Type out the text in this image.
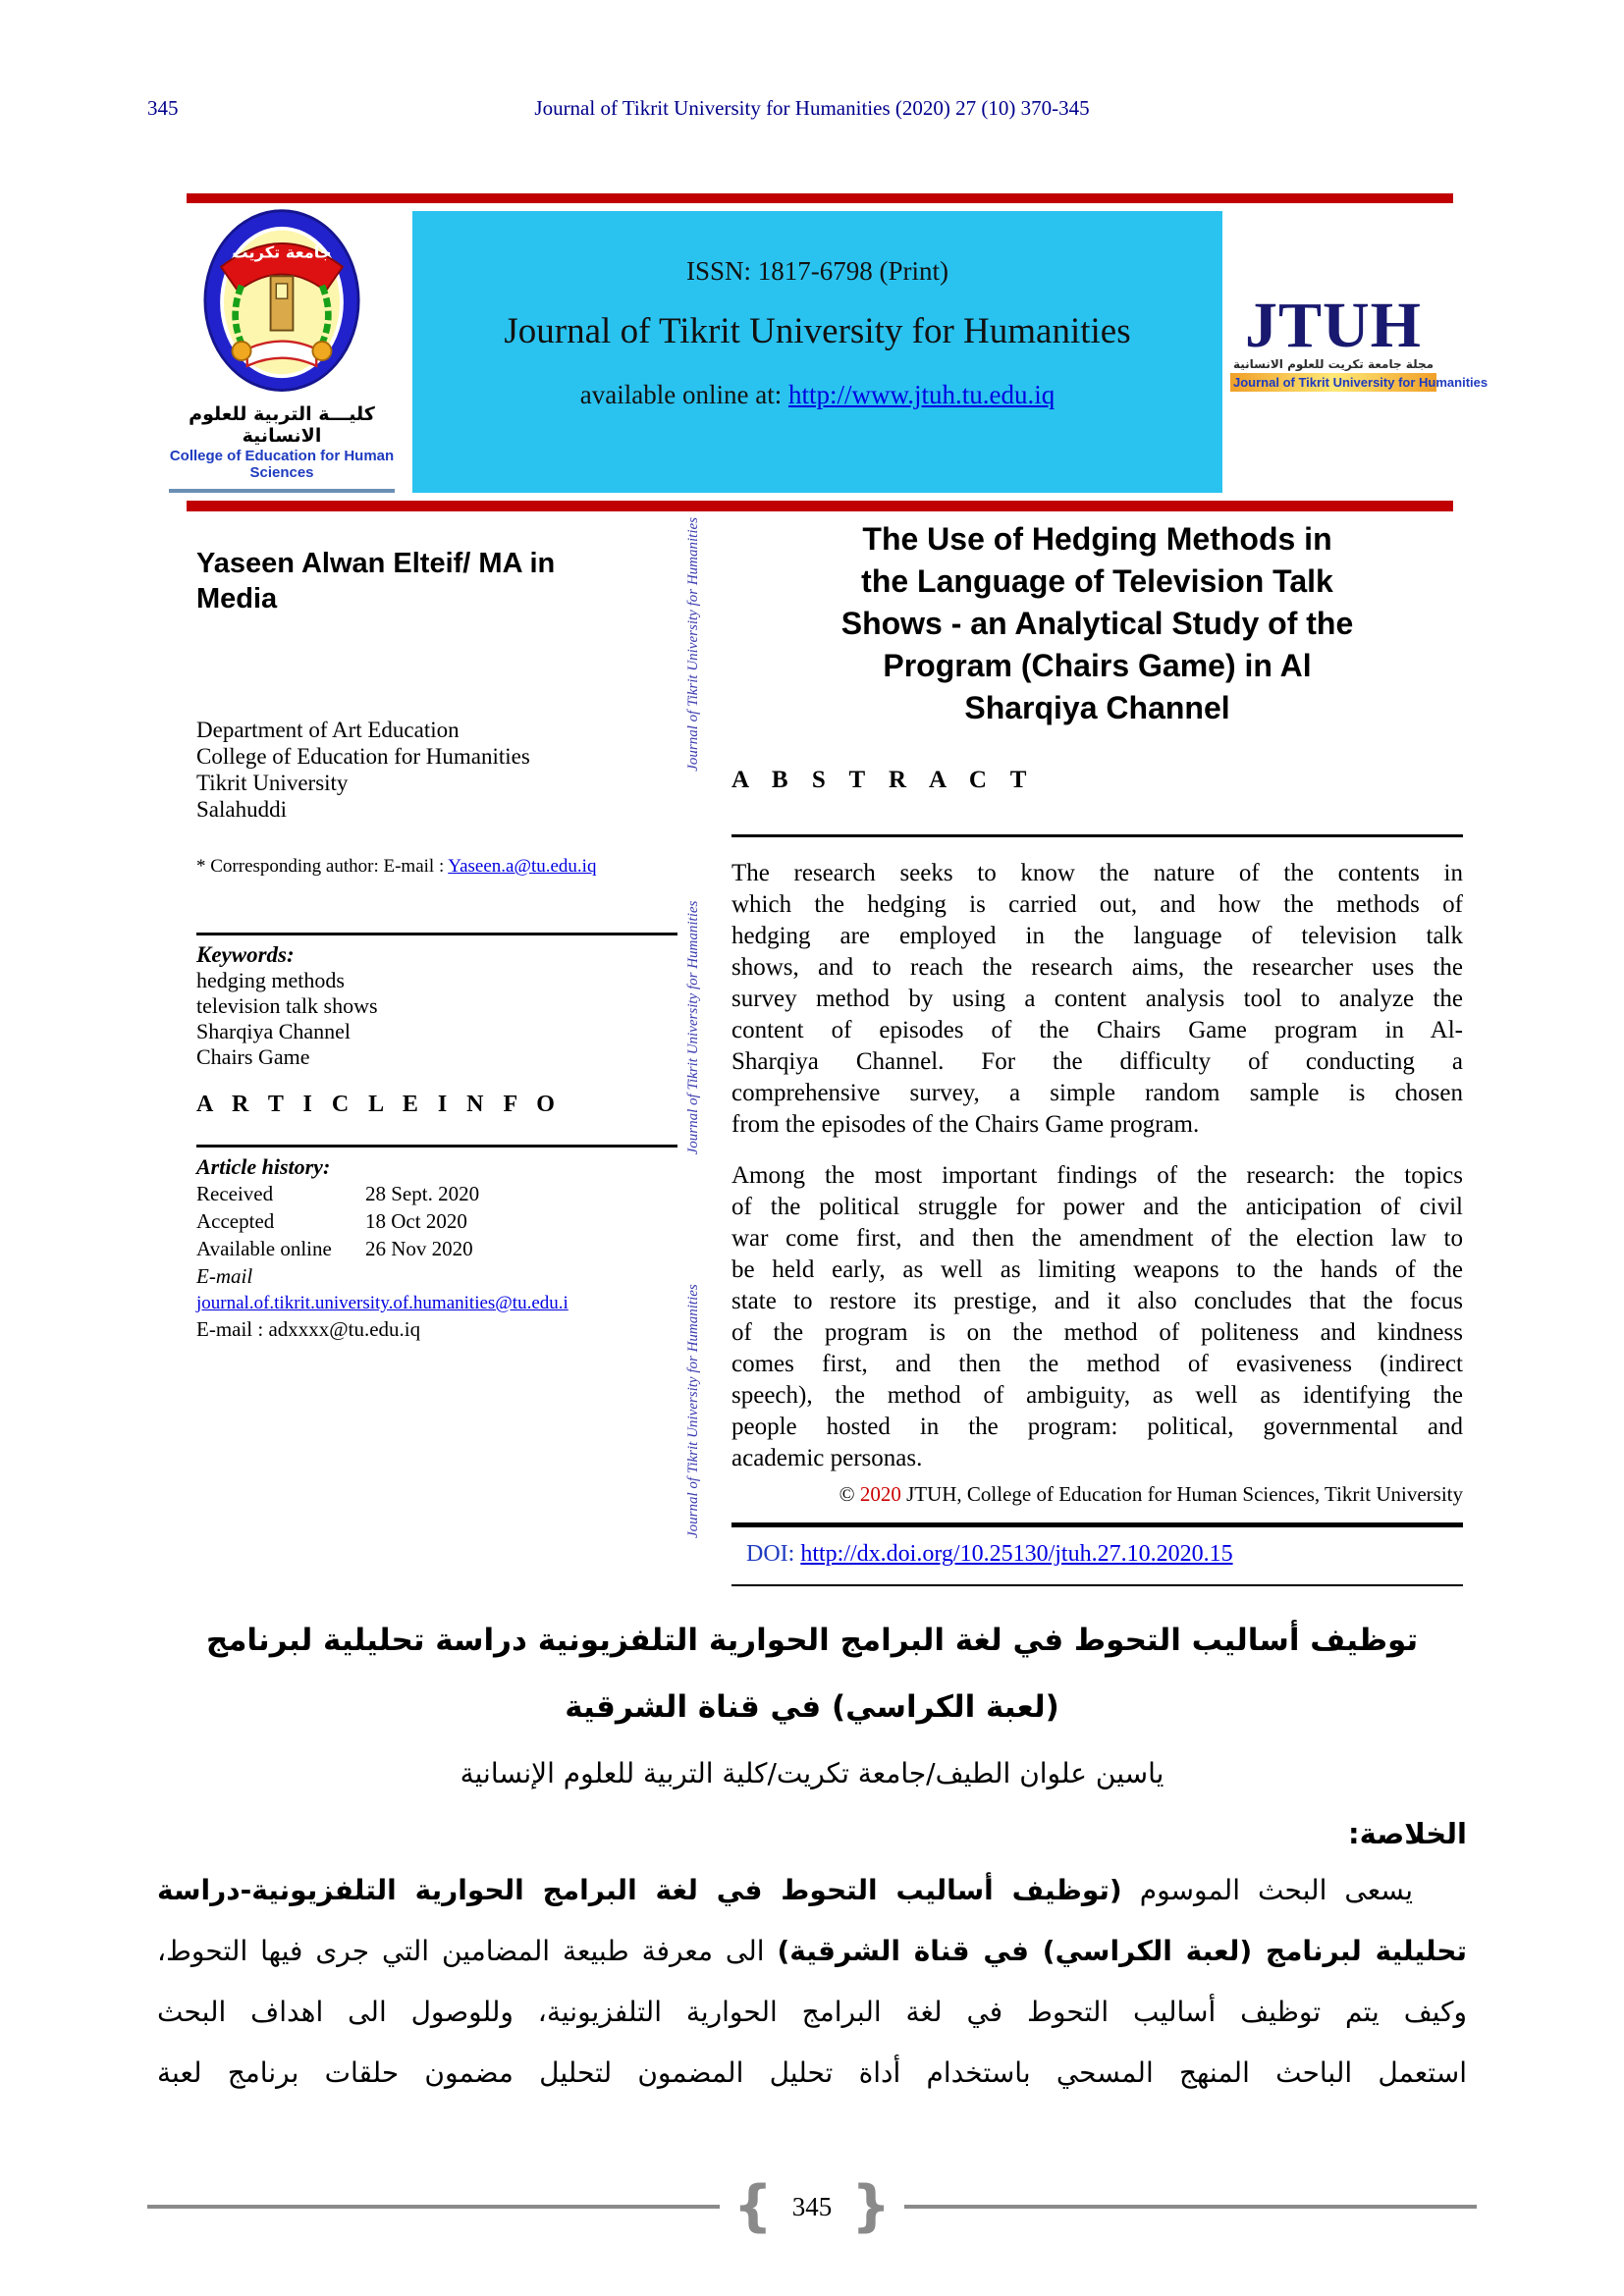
345	Journal of Tikrit University for Humanities (2020) 27 (10) 370-345
جامعة تكريت
كليـــة التربية للعلوم الانسانية
College of Education for Human Sciences
ISSN: 1817-6798 (Print)
Journal of Tikrit University for Humanities
available online at: http://www.jtuh.tu.edu.iq
JTUH
مجلة جامعة تكريت للعلوم الانسانية
Journal of Tikrit University for Humanities
Yaseen Alwan Elteif/ MA in
Media
Department of Art Education
College of Education for Humanities
Tikrit University
Salahuddi
* Corresponding author: E-mail : Yaseen.a@tu.edu.iq
Keywords:
hedging methods
television talk shows
Sharqiya Channel
Chairs Game
A R T I C L E I N F O
Article history:
Received	28 Sept. 2020
Accepted	18 Oct 2020
Available online	26 Nov 2020
E-mail
journal.of.tikrit.university.of.humanities@tu.edu.i
E-mail : adxxxx@tu.edu.iq	Journal of Tikrit University for Humanities
Journal of Tikrit University for Humanities
Journal of Tikrit University for Humanities	The Use of Hedging Methods in
the Language of Television Talk
Shows - an Analytical Study of the
Program (Chairs Game) in Al
Sharqiya Channel
A B S T R A C T

The research seeks to know the nature of the contents in

which the hedging is carried out, and how the methods of

hedging are employed in the language of television talk

shows, and to reach the research aims, the researcher uses the

survey method by using a content analysis tool to analyze the

content of episodes of the Chairs Game program in Al-

Sharqiya Channel. For the difficulty of conducting a

comprehensive survey, a simple random sample is chosen

from the episodes of the Chairs Game program.

Among the most important findings of the research: the topics

of the political struggle for power and the anticipation of civil

war come first, and then the amendment of the election law to

be held early, as well as limiting weapons to the hands of the

state to restore its prestige, and it also concludes that the focus

of the program is on the method of politeness and kindness

comes first, and then the method of evasiveness (indirect

speech), the method of ambiguity, as well as identifying the

people hosted in the program: political, governmental and

academic personas.

© 2020 JTUH, College of Education for Human Sciences, Tikrit University
DOI: http://dx.doi.org/10.25130/jtuh.27.10.2020.15
توظيف أساليب التحوط في لغة البرامج الحوارية التلفزيونية دراسة تحليلية لبرنامج
(لعبة الكراسي) في قناة الشرقية
ياسين علوان الطيف/جامعة تكريت/كلية التربية للعلوم الإنسانية
الخلاصة:
يسعى البحث الموسوم (توظيف أساليب التحوط في لغة البرامج الحوارية التلفزيونية-دراسة
تحليلية لبرنامج (لعبة الكراسي) في قناة الشرقية) الى معرفة طبيعة المضامين التي جرى فيها التحوط،
وكيف يتم توظيف أساليب التحوط في لغة البرامج الحوارية التلفزيونية، وللوصول الى اهداف البحث
استعمل الباحث المنهج المسحي باستخدام أداة تحليل المضمون لتحليل مضمون حلقات برنامج لعبة
{ 345 }
